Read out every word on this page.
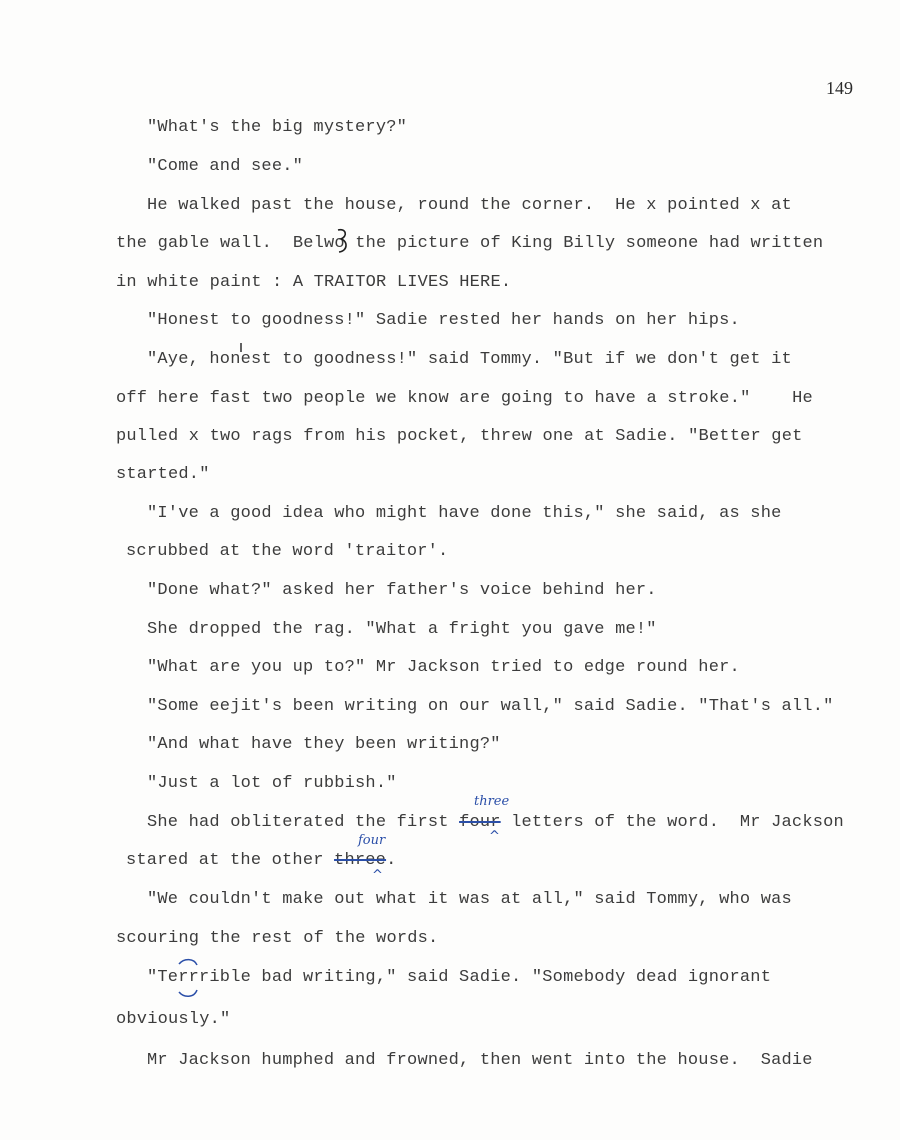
149
"What's the big mystery?"
"Come and see."
He walked past the house, round the corner.  He x pointed x at
the gable wall.  Belwo the picture of King Billy someone had written
in white paint : A TRAITOR LIVES HERE.
"Honest to goodness!" Sadie rested her hands on her hips.
"Aye, honest to goodness!" said Tommy. "But if we don't get it
off here fast two people we know are going to have a stroke."    He
pulled x two rags from his pocket, threw one at Sadie. "Better get
started."
"I've a good idea who might have done this," she said, as she
scrubbed at the word 'traitor'.
"Done what?" asked her father's voice behind her.
She dropped the rag. "What a fright you gave me!"
"What are you up to?" Mr Jackson tried to edge round her.
"Some eejit's been writing on our wall," said Sadie. "That's all."
"And what have they been writing?"
"Just a lot of rubbish."
She had obliterated the first four letters of the word.  Mr Jackson
three
^
stared at the other three.
four
^
"We couldn't make out what it was at all," said Tommy, who was
scouring the rest of the words.
"Terrrible bad writing," said Sadie. "Somebody dead ignorant
obviously."
Mr Jackson humphed and frowned, then went into the house.  Sadie
